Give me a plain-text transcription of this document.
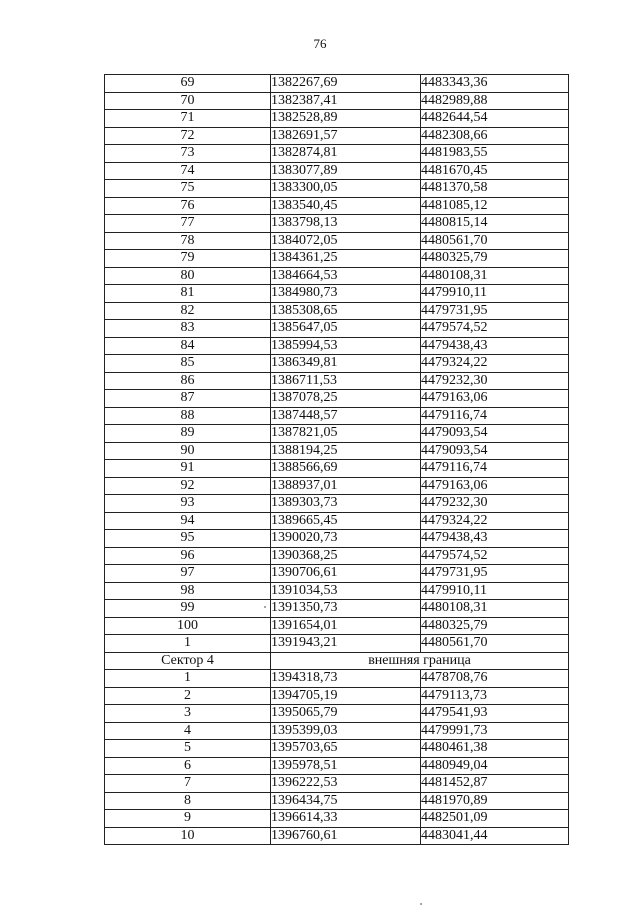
76
69	1382267,69	4483343,36
70	1382387,41	4482989,88
71	1382528,89	4482644,54
72	1382691,57	4482308,66
73	1382874,81	4481983,55
74	1383077,89	4481670,45
75	1383300,05	4481370,58
76	1383540,45	4481085,12
77	1383798,13	4480815,14
78	1384072,05	4480561,70
79	1384361,25	4480325,79
80	1384664,53	4480108,31
81	1384980,73	4479910,11
82	1385308,65	4479731,95
83	1385647,05	4479574,52
84	1385994,53	4479438,43
85	1386349,81	4479324,22
86	1386711,53	4479232,30
87	1387078,25	4479163,06
88	1387448,57	4479116,74
89	1387821,05	4479093,54
90	1388194,25	4479093,54
91	1388566,69	4479116,74
92	1388937,01	4479163,06
93	1389303,73	4479232,30
94	1389665,45	4479324,22
95	1390020,73	4479438,43
96	1390368,25	4479574,52
97	1390706,61	4479731,95
98	1391034,53	4479910,11
99	1391350,73	4480108,31
100	1391654,01	4480325,79
1	1391943,21	4480561,70
Сектор 4	внешняя граница	
1	1394318,73	4478708,76
2	1394705,19	4479113,73
3	1395065,79	4479541,93
4	1395399,03	4479991,73
5	1395703,65	4480461,38
6	1395978,51	4480949,04
7	1396222,53	4481452,87
8	1396434,75	4481970,89
9	1396614,33	4482501,09
10	1396760,61	4483041,44
